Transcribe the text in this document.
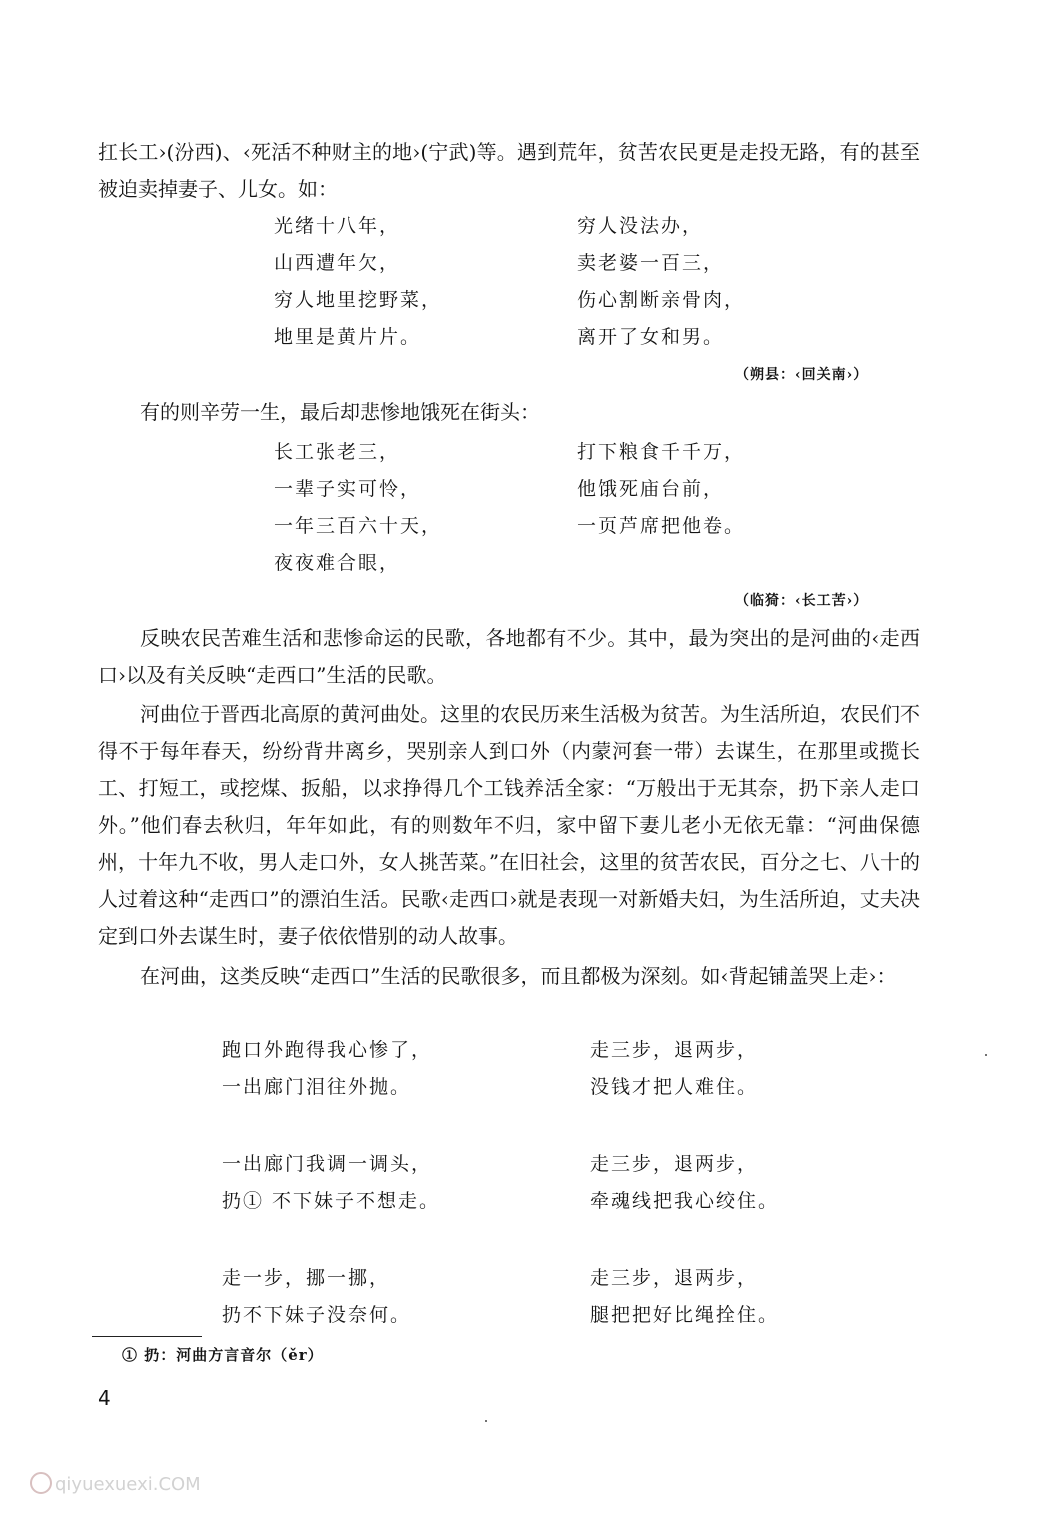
扛长工›(汾西)、‹死活不种财主的地›(宁武)等。遇到荒年，贫苦农民更是走投无路，有的甚至被迫卖掉妻子、儿女。如：

光绪十八年，
山西遭年欠，
穷人地里挖野菜，
地里是黄片片。
穷人没法办，
卖老婆一百三，
伤心割断亲骨肉，
离开了女和男。
（朔县：‹回关南›）

有的则辛劳一生，最后却悲惨地饿死在街头：

长工张老三，
一辈子实可怜，
一年三百六十天，
夜夜难合眼，
打下粮食千千万，
他饿死庙台前，
一页芦席把他卷。
（临猗：‹长工苦›）

反映农民苦难生活和悲惨命运的民歌，各地都有不少。其中，最为突出的是河曲的‹走西口›以及有关反映“走西口”生活的民歌。

河曲位于晋西北高原的黄河曲处。这里的农民历来生活极为贫苦。为生活所迫，农民们不得不于每年春天，纷纷背井离乡，哭别亲人到口外（内蒙河套一带）去谋生，在那里或揽长工、打短工，或挖煤、扳船，以求挣得几个工钱养活全家：“万般出于无其奈，扔下亲人走口外。”他们春去秋归，年年如此，有的则数年不归，家中留下妻儿老小无依无靠：“河曲保德州，十年九不收，男人走口外，女人挑苦菜。”在旧社会，这里的贫苦农民，百分之七、八十的人过着这种“走西口”的漂泊生活。民歌‹走西口›就是表现一对新婚夫妇，为生活所迫，丈夫决定到口外去谋生时，妻子依依惜别的动人故事。

在河曲，这类反映“走西口”生活的民歌很多，而且都极为深刻。如‹背起铺盖哭上走›：

跑口外跑得我心惨了，
一出廊门泪往外抛。
走三步，退两步，
没钱才把人难住。
一出廊门我调一调头，
扔① 不下妹子不想走。
走三步，退两步，
牵魂线把我心绞住。
走一步，挪一挪，
扔不下妹子没奈何。
走三步，退两步，
腿把把好比绳拴住。
① 扔：河曲方言音尔（ěr）
4
qiyuexuexi.COM
